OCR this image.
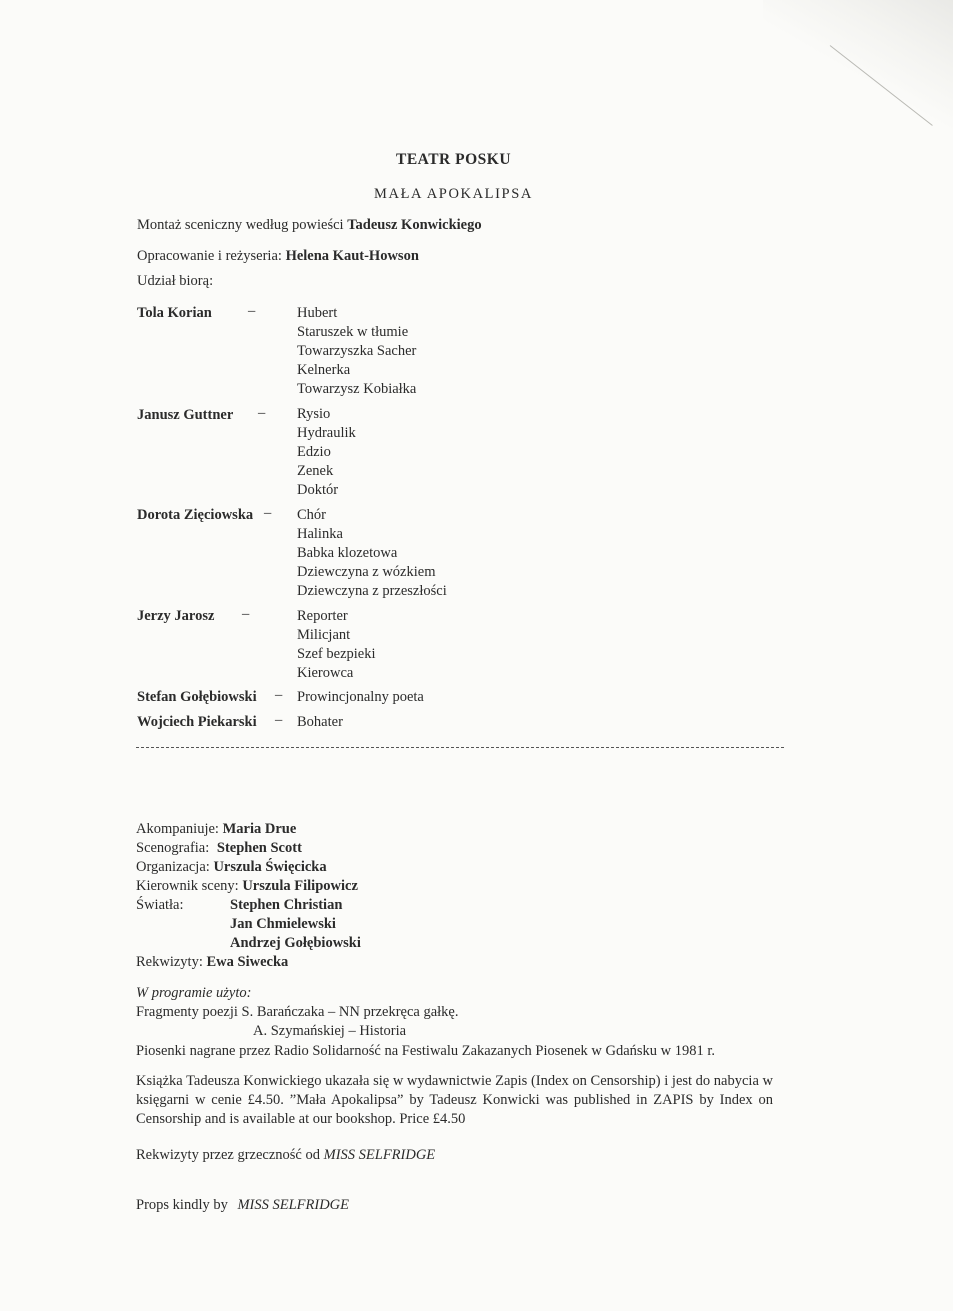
TEATR POSKU
MAŁA APOKALIPSA
Montaż sceniczny według powieści Tadeusz Konwickiego
Opracowanie i reżyseria: Helena Kaut-Howson
Udział biorą:
Tola Korian –	Hubert
Staruszek w tłumie
Towarzyszka Sacher
Kelnerka
Towarzysz Kobiałka
Janusz Guttner – Rysio
Hydraulik
Edzio
Zenek
Doktór
Dorota Zięciowska – Chór
Halinka
Babka klozetowa
Dziewczyna z wózkiem
Dziewczyna z przeszłości
Jerzy Jarosz –	Reporter
Milicjant
Szef bezpieki
Kierowca
Stefan Gołębiowski – Prowincjonalny poeta
Wojciech Piekarski – Bohater
Akompaniuje: Maria Drue
Scenografia: Stephen Scott
Organizacja: Urszula Święcicka
Kierownik sceny: Urszula Filipowicz
Światła:	Stephen Christian
Jan Chmielewski
Andrzej Gołębiowski
Rekwizyty: Ewa Siwecka
W programie użyto:
Fragmenty poezji S. Barańczaka – NN przekręca gałkę.
A. Szymańskiej – Historia
Piosenki nagrane przez Radio Solidarność na Festiwalu Zakazanych Piosenek w Gdańsku w 1981 r.
Książka Tadeusza Konwickiego ukazała się w wydawnictwie Zapis (Index on Censorship) i jest do nabycia w księgarni w cenie £4.50. ”Mała Apokalipsa” by Tadeusz Konwicki was published in ZAPIS by Index on Censorship and is available at our bookshop. Price £4.50
Rekwizyty przez grzeczność od MISS SELFRIDGE
Props kindly by MISS SELFRIDGE
